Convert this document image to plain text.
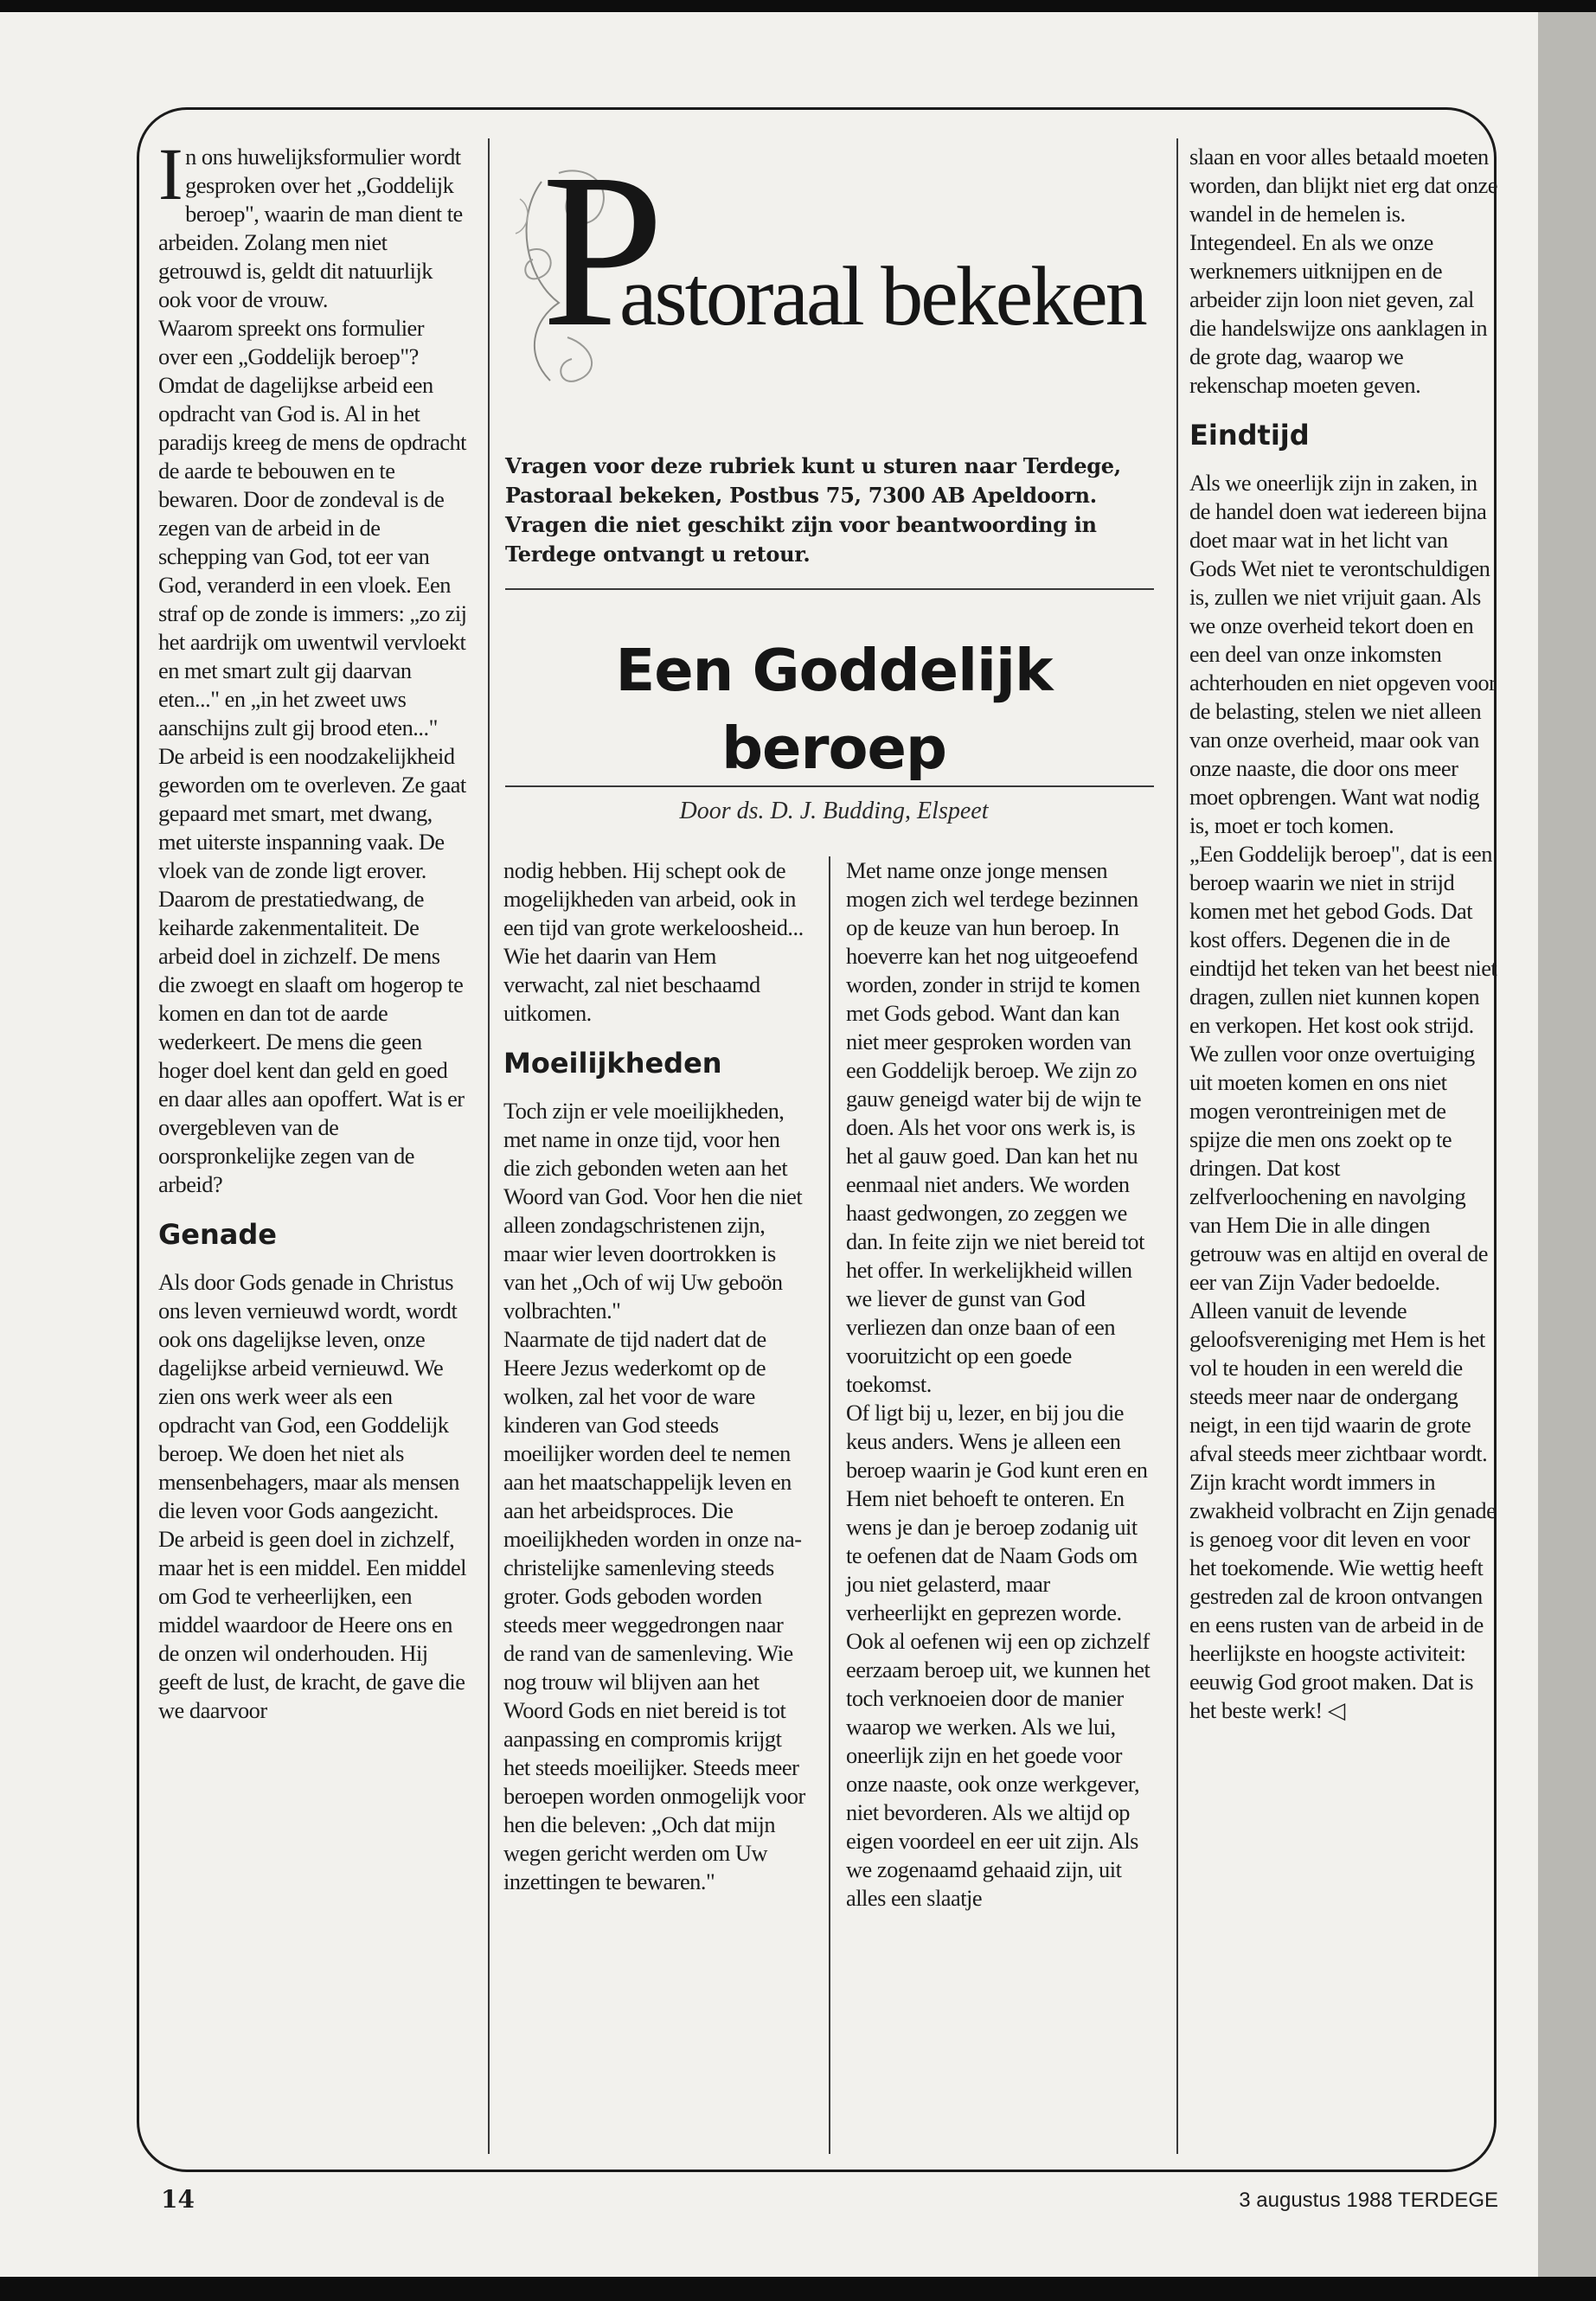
P
astoraal bekeken
Vragen voor deze rubriek kunt u sturen naar Terdege, Pastoraal bekeken, Postbus 75, 7300 AB Apeldoorn. Vragen die niet geschikt zijn voor beantwoording in Terdege ontvangt u retour.
Een Goddelijk beroep
Door ds. D. J. Budding, Elspeet

In ons huwelijksformulier wordt gesproken over het „Goddelijk beroep", waarin de man dient te arbeiden. Zolang men niet getrouwd is, geldt dit natuurlijk ook voor de vrouw.

Waarom spreekt ons formulier over een „Goddelijk beroep"? Omdat de dagelijkse arbeid een opdracht van God is. Al in het paradijs kreeg de mens de opdracht de aarde te bebouwen en te bewaren. Door de zondeval is de zegen van de arbeid in de schepping van God, tot eer van God, veranderd in een vloek. Een straf op de zonde is immers: „zo zij het aardrijk om uwentwil vervloekt en met smart zult gij daarvan eten..." en „in het zweet uws aanschijns zult gij brood eten..."

De arbeid is een noodzakelijkheid geworden om te overleven. Ze gaat gepaard met smart, met dwang, met uiterste inspanning vaak. De vloek van de zonde ligt erover. Daarom de prestatiedwang, de keiharde zakenmentaliteit. De arbeid doel in zichzelf. De mens die zwoegt en slaaft om hogerop te komen en dan tot de aarde wederkeert. De mens die geen hoger doel kent dan geld en goed en daar alles aan opoffert. Wat is er overgebleven van de oorspronkelijke zegen van de arbeid?

Genade

Als door Gods genade in Christus ons leven vernieuwd wordt, wordt ook ons dagelijkse leven, onze dagelijkse arbeid vernieuwd. We zien ons werk weer als een opdracht van God, een Goddelijk beroep. We doen het niet als mensenbehagers, maar als mensen die leven voor Gods aangezicht. De arbeid is geen doel in zichzelf, maar het is een middel. Een middel om God te verheerlijken, een middel waardoor de Heere ons en de onzen wil onderhouden. Hij geeft de lust, de kracht, de gave die we daarvoor

nodig hebben. Hij schept ook de mogelijkheden van arbeid, ook in een tijd van grote werkeloosheid... Wie het daarin van Hem verwacht, zal niet beschaamd uitkomen.

Moeilijkheden

Toch zijn er vele moeilijkheden, met name in onze tijd, voor hen die zich gebonden weten aan het Woord van God. Voor hen die niet alleen zondagschristenen zijn, maar wier leven doortrokken is van het „Och of wij Uw geboön volbrachten."

Naarmate de tijd nadert dat de Heere Jezus wederkomt op de wolken, zal het voor de ware kinderen van God steeds moeilijker worden deel te nemen aan het maatschappelijk leven en aan het arbeidsproces. Die moeilijkheden worden in onze na-christelijke samenleving steeds groter. Gods geboden worden steeds meer weggedrongen naar de rand van de samenleving. Wie nog trouw wil blijven aan het Woord Gods en niet bereid is tot aanpassing en compromis krijgt het steeds moeilijker. Steeds meer beroepen worden onmogelijk voor hen die beleven: „Och dat mijn wegen gericht werden om Uw inzettingen te bewaren."

Met name onze jonge mensen mogen zich wel terdege bezinnen op de keuze van hun beroep. In hoeverre kan het nog uitgeoefend worden, zonder in strijd te komen met Gods gebod. Want dan kan niet meer gesproken worden van een Goddelijk beroep. We zijn zo gauw geneigd water bij de wijn te doen. Als het voor ons werk is, is het al gauw goed. Dan kan het nu eenmaal niet anders. We worden haast gedwongen, zo zeggen we dan. In feite zijn we niet bereid tot het offer. In werkelijkheid willen we liever de gunst van God verliezen dan onze baan of een vooruitzicht op een goede toekomst.

Of ligt bij u, lezer, en bij jou die keus anders. Wens je alleen een beroep waarin je God kunt eren en Hem niet behoeft te onteren. En wens je dan je beroep zodanig uit te oefenen dat de Naam Gods om jou niet gelasterd, maar verheerlijkt en geprezen worde. Ook al oefenen wij een op zichzelf eerzaam beroep uit, we kunnen het toch verknoeien door de manier waarop we werken. Als we lui, oneerlijk zijn en het goede voor onze naaste, ook onze werkgever, niet bevorderen. Als we altijd op eigen voordeel en eer uit zijn. Als we zogenaamd gehaaid zijn, uit alles een slaatje

slaan en voor alles betaald moeten worden, dan blijkt niet erg dat onze wandel in de hemelen is. Integendeel. En als we onze werknemers uitknijpen en de arbeider zijn loon niet geven, zal die handelswijze ons aanklagen in de grote dag, waarop we rekenschap moeten geven.

Eindtijd

Als we oneerlijk zijn in zaken, in de handel doen wat iedereen bijna doet maar wat in het licht van Gods Wet niet te verontschuldigen is, zullen we niet vrijuit gaan. Als we onze overheid tekort doen en een deel van onze inkomsten achterhouden en niet opgeven voor de belasting, stelen we niet alleen van onze overheid, maar ook van onze naaste, die door ons meer moet opbrengen. Want wat nodig is, moet er toch komen.

„Een Goddelijk beroep", dat is een beroep waarin we niet in strijd komen met het gebod Gods. Dat kost offers. Degenen die in de eindtijd het teken van het beest niet dragen, zullen niet kunnen kopen en verkopen. Het kost ook strijd. We zullen voor onze overtuiging uit moeten komen en ons niet mogen verontreinigen met de spijze die men ons zoekt op te dringen. Dat kost zelfverloochening en navolging van Hem Die in alle dingen getrouw was en altijd en overal de eer van Zijn Vader bedoelde.

Alleen vanuit de levende geloofsvereniging met Hem is het vol te houden in een wereld die steeds meer naar de ondergang neigt, in een tijd waarin de grote afval steeds meer zichtbaar wordt. Zijn kracht wordt immers in zwakheid volbracht en Zijn genade is genoeg voor dit leven en voor het toekomende. Wie wettig heeft gestreden zal de kroon ontvangen en eens rusten van de arbeid in de heerlijkste en hoogste activiteit: eeuwig God groot maken. Dat is het beste werk! ◁

14	3 augustus 1988 TERDEGE
